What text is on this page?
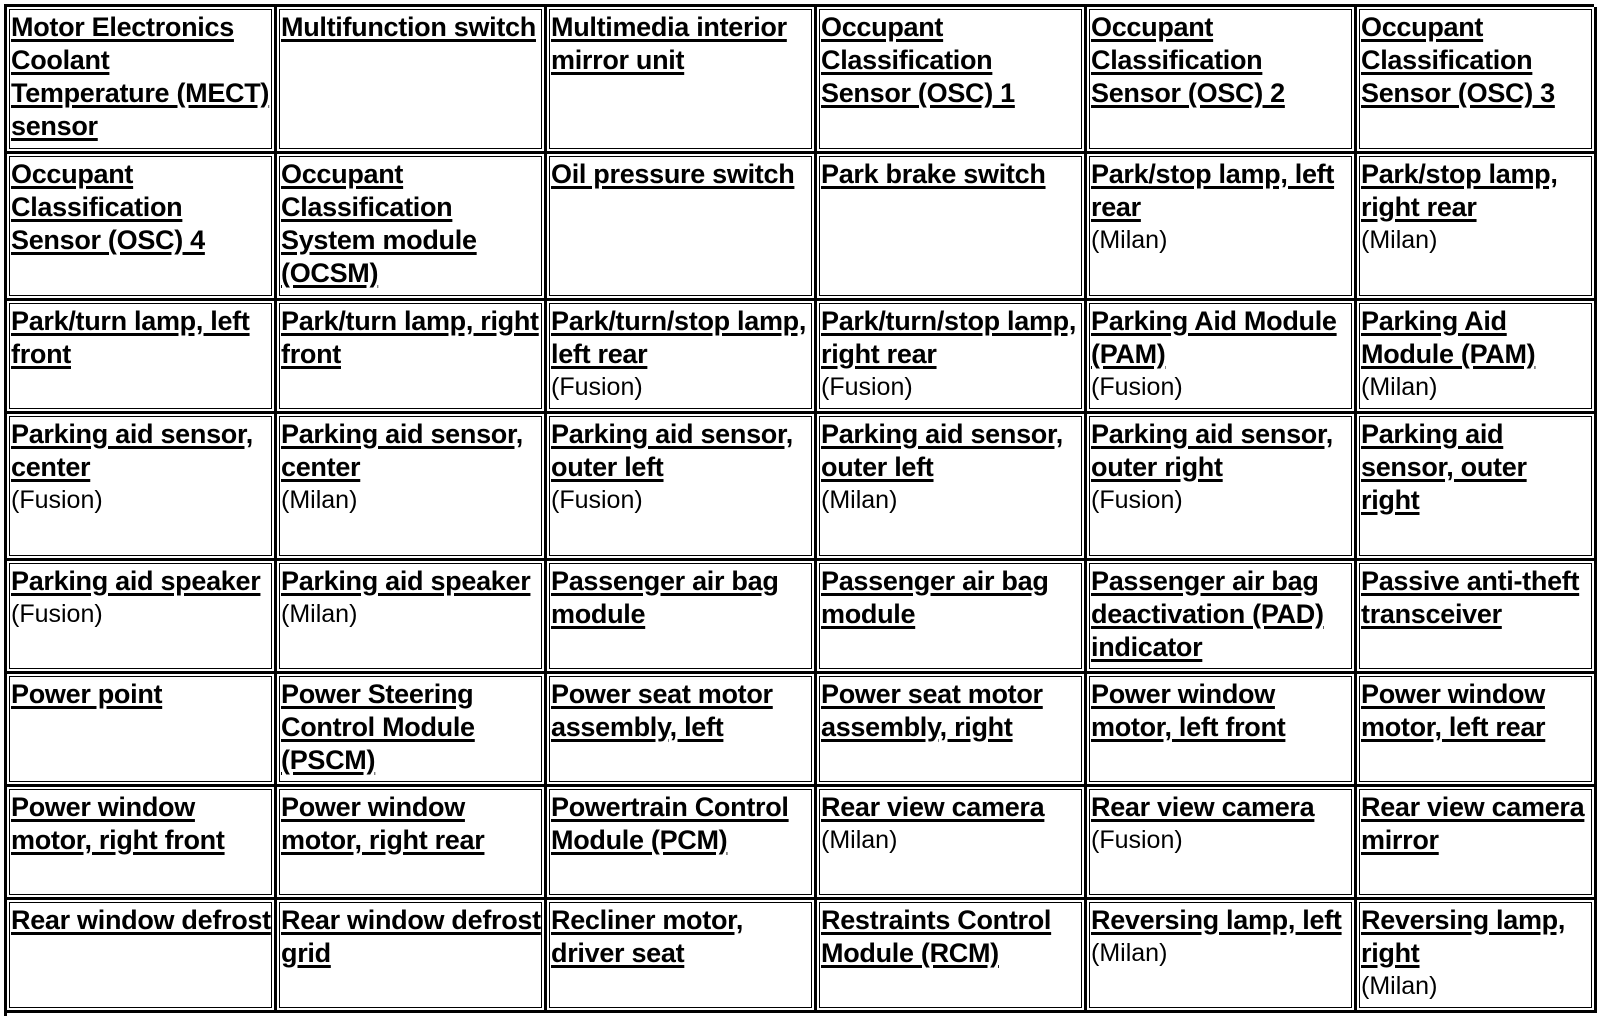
Motor Electronics Coolant Temperature (MECT) sensor
Multifunction switch Multimedia interior mirror unit
Occupant Classification Sensor (OSC) 1
Occupant Classification Sensor (OSC) 2
Occupant Classification Sensor (OSC) 3
Occupant Classification Sensor (OSC) 4
Occupant Classification System module (OCSM)
Oil pressure switch Park brake switch	Park/stop lamp, left rear
(Milan)
Park/stop lamp, right rear
(Milan)
Park/turn lamp, left front
Park/turn lamp, right front
Park/turn/stop lamp, left rear
(Fusion)
Park/turn/stop lamp, right rear
(Fusion)
Parking Aid Module (PAM)
(Fusion)
Parking Aid Module (PAM)
(Milan)
Parking aid sensor, center
(Fusion)
Parking aid sensor, center
(Milan)
Parking aid sensor, outer left
(Fusion)
Parking aid sensor, outer left
(Milan)
Parking aid sensor, outer right
(Fusion)
Parking aid sensor, outer right
Parking aid speaker
(Fusion)
Parking aid speaker
(Milan)
Passenger air bag module
Passenger air bag module
Passenger air bag deactivation (PAD) indicator
Passive anti-theft transceiver
Power point	Power Steering Control Module (PSCM)
Power seat motor assembly, left
Power seat motor assembly, right
Power window motor, left front
Power window motor, left rear
Power window motor, right front
Power window motor, right rear
Powertrain Control Module (PCM)
Rear view camera
(Milan)
Rear view camera
(Fusion)
Rear view camera mirror
Rear window defrost Rear window defrost grid
Recliner motor, driver seat
Restraints Control Module (RCM)
Reversing lamp, left
(Milan)
Reversing lamp, right
(Milan)
